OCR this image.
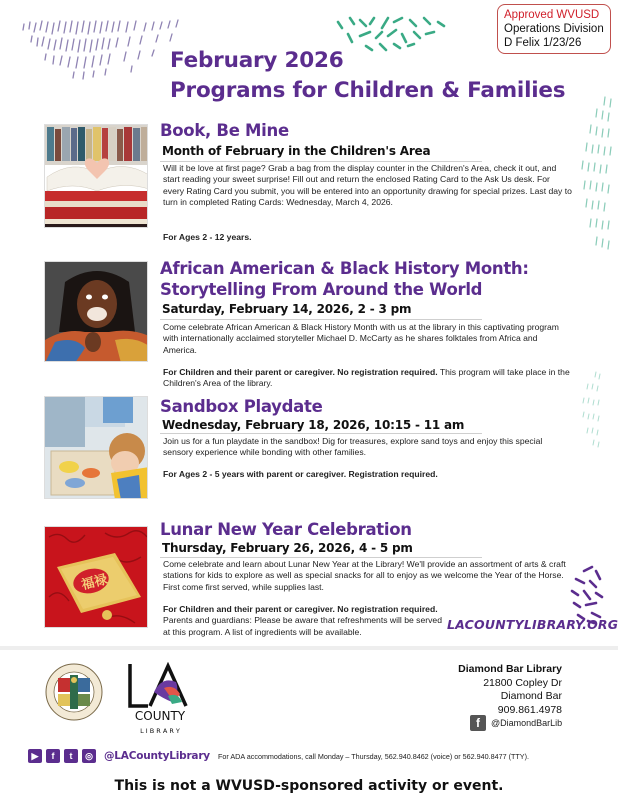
Approved WVUSD
Operations Division
D Felix 1/23/26
February 2026
Programs for Children & Families
Book, Be Mine
Month of February in the Children's Area
Will it be love at first page? Grab a bag from the display counter in the Children's Area, check it out, and start reading your sweet surprise! Fill out and return the enclosed Rating Card to the Ask Us desk. For every Rating Card you submit, you will be entered into an opportunity drawing for special prizes. Last day to turn in completed Rating Cards: Wednesday, March 4, 2026.
For Ages 2 - 12 years.
African American & Black History Month:
Storytelling From Around the World
Saturday, February 14, 2026, 2 - 3 pm
Come celebrate African American & Black History Month with us at the library in this captivating program with internationally acclaimed storyteller Michael D. McCarty as he shares folktales from Africa and America.
For Children and their parent or caregiver. No registration required. This program will take place in the Children's Area of the library.
Sandbox Playdate
Wednesday, February 18, 2026, 10:15 - 11 am
Join us for a fun playdate in the sandbox! Dig for treasures, explore sand toys and enjoy this special sensory experience while bonding with other families.
For Ages 2 - 5 years with parent or caregiver. Registration required.
福禄
Lunar New Year Celebration
Thursday, February 26, 2026, 4 - 5 pm
Come celebrate and learn about Lunar New Year at the Library! We'll provide an assortment of arts & craft stations for kids to explore as well as special snacks for all to enjoy as we welcome the Year of the Horse. First come first served, while supplies last.
For Children and their parent or caregiver. No registration required. Parents and guardians: Please be aware that refreshments will be served at this program. A list of ingredients will be available.	LACOUNTYLIBRARY.ORG
COUNTY
L I B R A R Y
Diamond Bar Library
21800 Copley Dr
Diamond Bar
909.861.4978
f @DiamondBarLib
▶	f	t	◎ @LACountyLibrary For ADA accommodations, call Monday – Thursday, 562.940.8462 (voice) or 562.940.8477 (TTY).
This is not a WVUSD-sponsored activity or event.
